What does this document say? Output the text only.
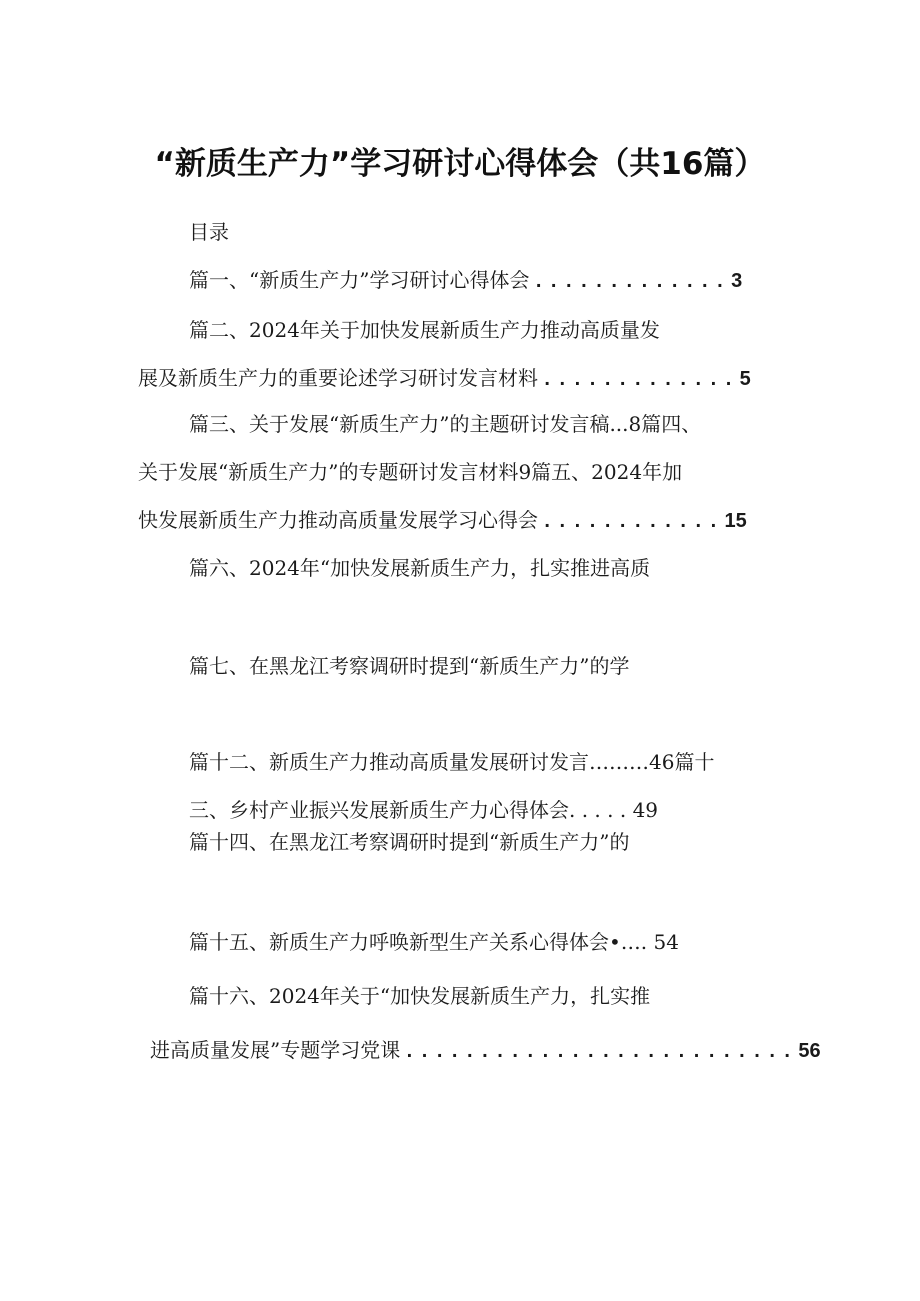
“新质生产力”学习研讨心得体会（共16篇）
目录
篇一、“新质生产力”学习研讨心得体会 . . . . . . . . . . . . . 3
篇二、2024年关于加快发展新质生产力推动高质量发
展及新质生产力的重要论述学习研讨发言材料 . . . . . . . . . . . . . 5
篇三、关于发展“新质生产力”的主题研讨发言稿...8篇四、
关于发展“新质生产力”的专题研讨发言材料9篇五、2024年加
快发展新质生产力推动高质量发展学习心得会 . . . . . . . . . . . . 15
篇六、2024年“加快发展新质生产力，扎实推进高质
篇七、在黑龙江考察调研时提到“新质生产力”的学
篇十二、新质生产力推动高质量发展研讨发言………46篇十
三、乡村产业振兴发展新质生产力心得体会. . . . . 49
篇十四、在黑龙江考察调研时提到“新质生产力”的
篇十五、新质生产力呼唤新型生产关系心得体会•…. 54
篇十六、2024年关于“加快发展新质生产力，扎实推
进高质量发展”专题学习党课 . . . . . . . . . . . . . . . . . . . . . . . . . . 56
